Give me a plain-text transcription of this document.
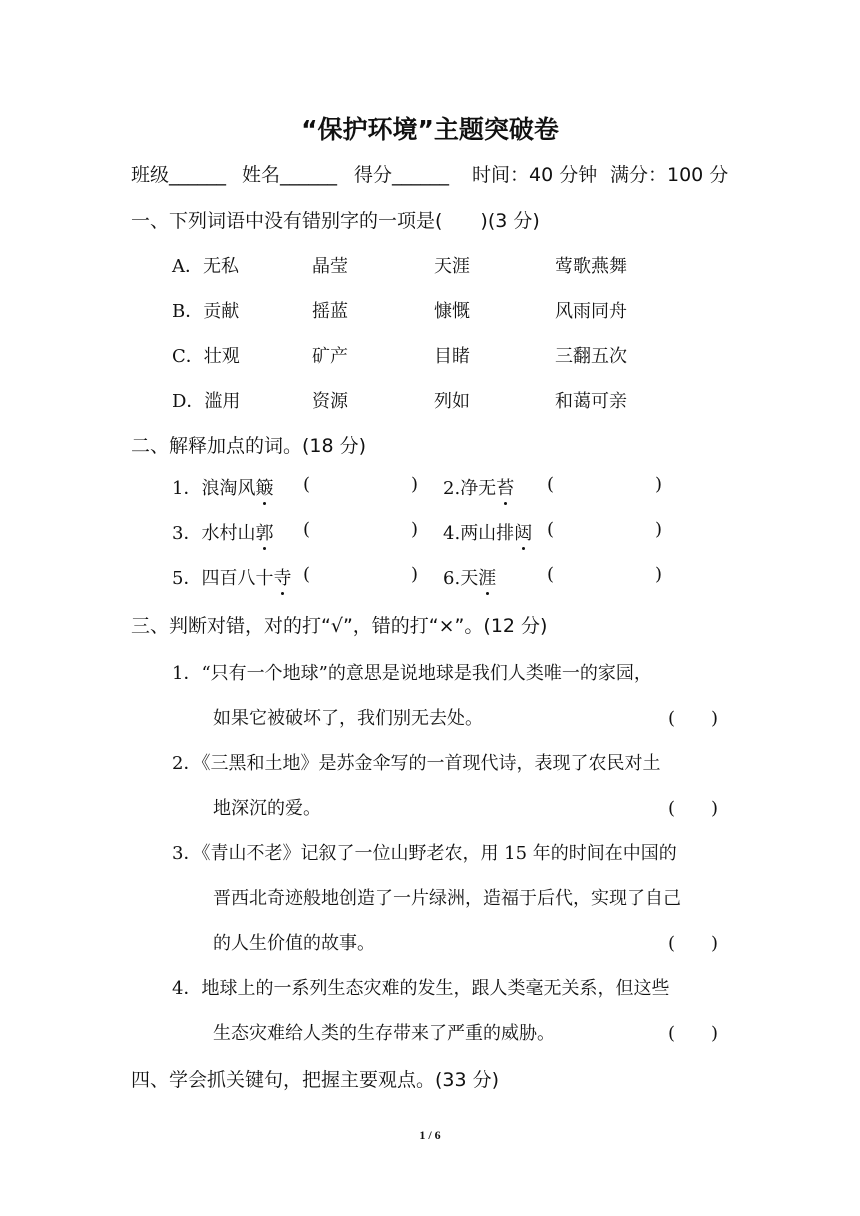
“保护环境”主题突破卷
班级______ 姓名______ 得分______ 时间：40 分钟 满分：100 分
一、下列词语中没有错别字的一项是(　　)(3 分)
A．无私	晶莹	天涯	莺歌燕舞
B．贡献	摇蓝	慷慨	风雨同舟
C．壮观	矿产	目睹	三翻五次
D．滥用	资源	列如	和蔼可亲
二、解释加点的词。(18 分)
1．浪淘风簸 (	) 2.净无苔 (	)
3．水村山郭 (	) 4.两山排闼 (	)
5．四百八十寺 (	) 6.天涯	(	)
三、判断对错，对的打“√”，错的打“×”。(12 分)
1．“只有一个地球”的意思是说地球是我们人类唯一的家园，
如果它被破坏了，我们别无去处。	(　　)
2．《三黑和土地》是苏金伞写的一首现代诗，表现了农民对土
地深沉的爱。	(　　)
3．《青山不老》记叙了一位山野老农，用 15 年的时间在中国的
晋西北奇迹般地创造了一片绿洲，造福于后代，实现了自己
的人生价值的故事。	(　　)
4．地球上的一系列生态灾难的发生，跟人类毫无关系，但这些
生态灾难给人类的生存带来了严重的威胁。	(　　)
四、学会抓关键句，把握主要观点。(33 分)
1 / 6
